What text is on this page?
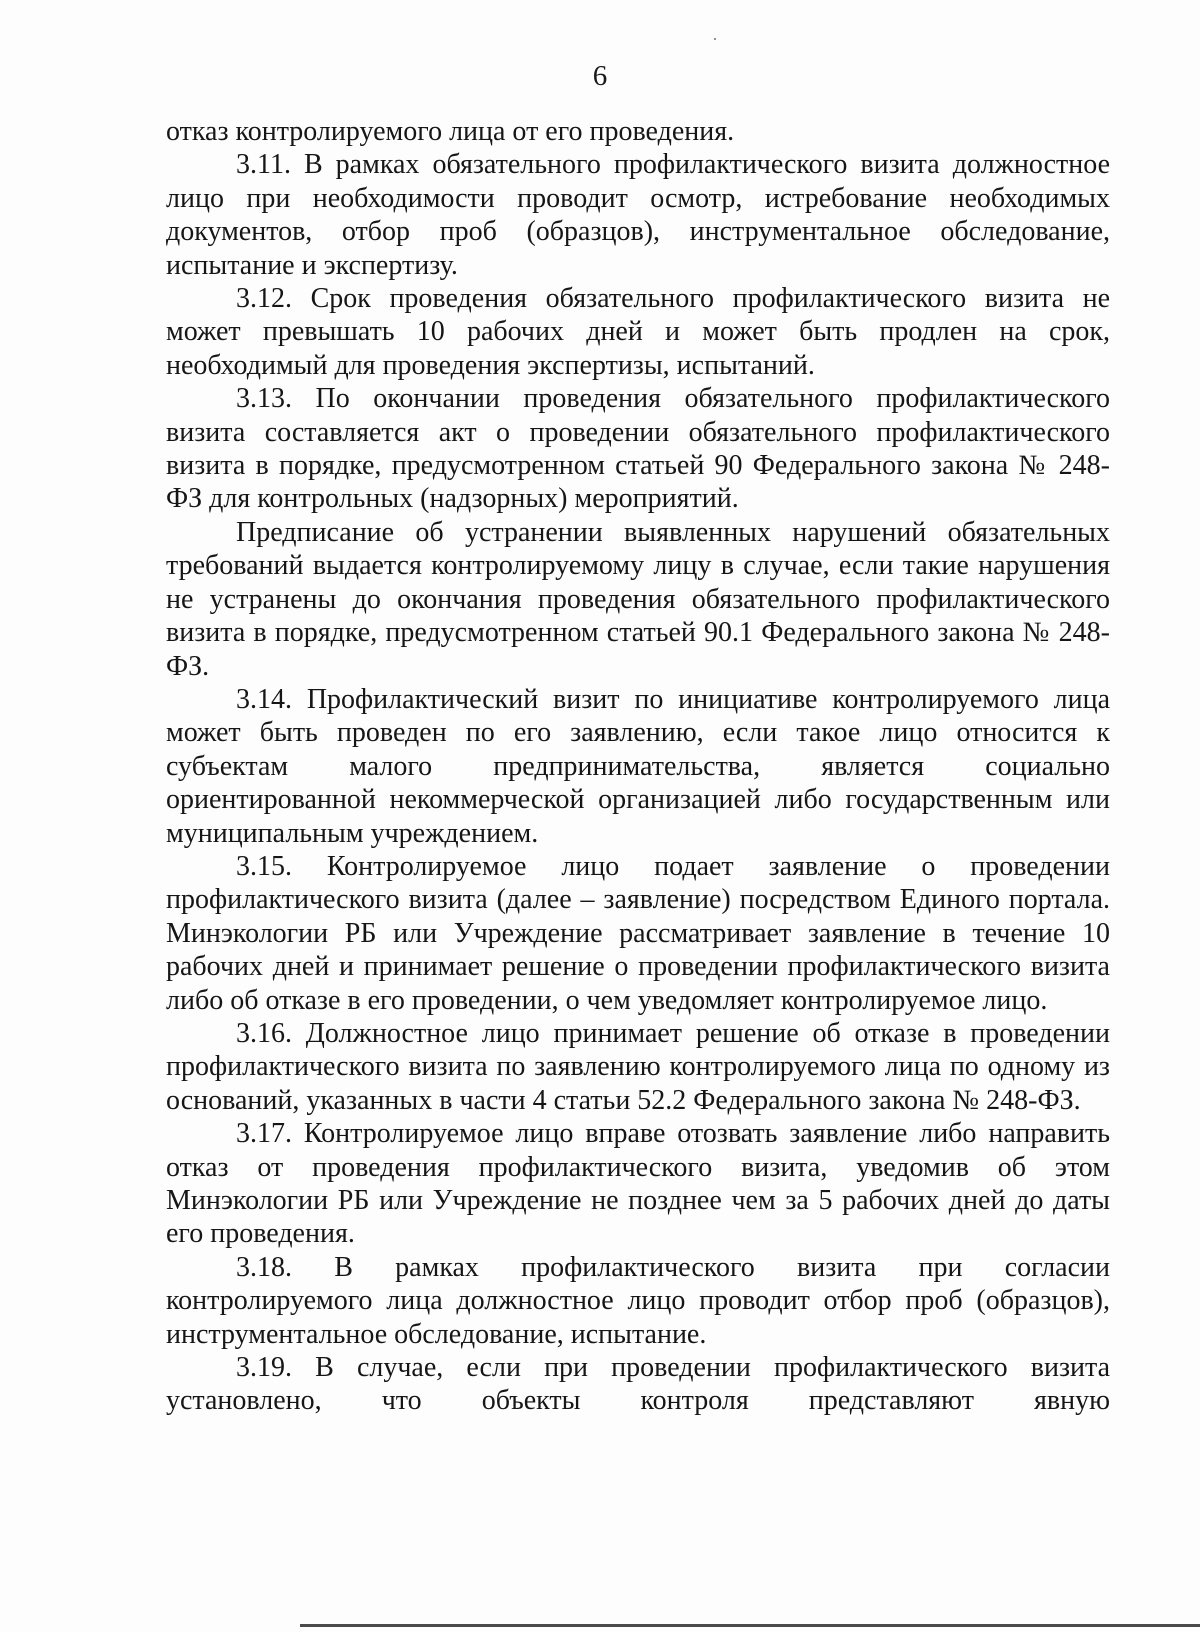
6

отказ контролируемого лица от его проведения.

3.11. В рамках обязательного профилактического визита должностное лицо при необходимости проводит осмотр, истребование необходимых документов, отбор проб (образцов), инструментальное обследование, испытание и экспертизу.

3.12. Срок проведения обязательного профилактического визита не может превышать 10 рабочих дней и может быть продлен на срок, необходимый для проведения экспертизы, испытаний.

3.13. По окончании проведения обязательного профилактического визита составляется акт о проведении обязательного профилактического визита в порядке, предусмотренном статьей 90 Федерального закона № 248-ФЗ для контрольных (надзорных) мероприятий.

Предписание об устранении выявленных нарушений обязательных требований выдается контролируемому лицу в случае, если такие нарушения не устранены до окончания проведения обязательного профилактического визита в порядке, предусмотренном статьей 90.1 Федерального закона № 248-ФЗ.

3.14. Профилактический визит по инициативе контролируемого лица может быть проведен по его заявлению, если такое лицо относится к субъектам малого предпринимательства, является социально ориентированной некоммерческой организацией либо государственным или муниципальным учреждением.

3.15. Контролируемое лицо подает заявление о проведении профилактического визита (далее – заявление) посредством Единого портала. Минэкологии РБ или Учреждение рассматривает заявление в течение 10 рабочих дней и принимает решение о проведении профилактического визита либо об отказе в его проведении, о чем уведомляет контролируемое лицо.

3.16. Должностное лицо принимает решение об отказе в проведении профилактического визита по заявлению контролируемого лица по одному из оснований, указанных в части 4 статьи 52.2 Федерального закона № 248-ФЗ.

3.17. Контролируемое лицо вправе отозвать заявление либо направить отказ от проведения профилактического визита, уведомив об этом Минэкологии РБ или Учреждение не позднее чем за 5 рабочих дней до даты его проведения.

3.18. В рамках профилактического визита при согласии контролируемого лица должностное лицо проводит отбор проб (образцов), инструментальное обследование, испытание.

3.19. В случае, если при проведении профилактического визита установлено, что объекты контроля представляют явную
